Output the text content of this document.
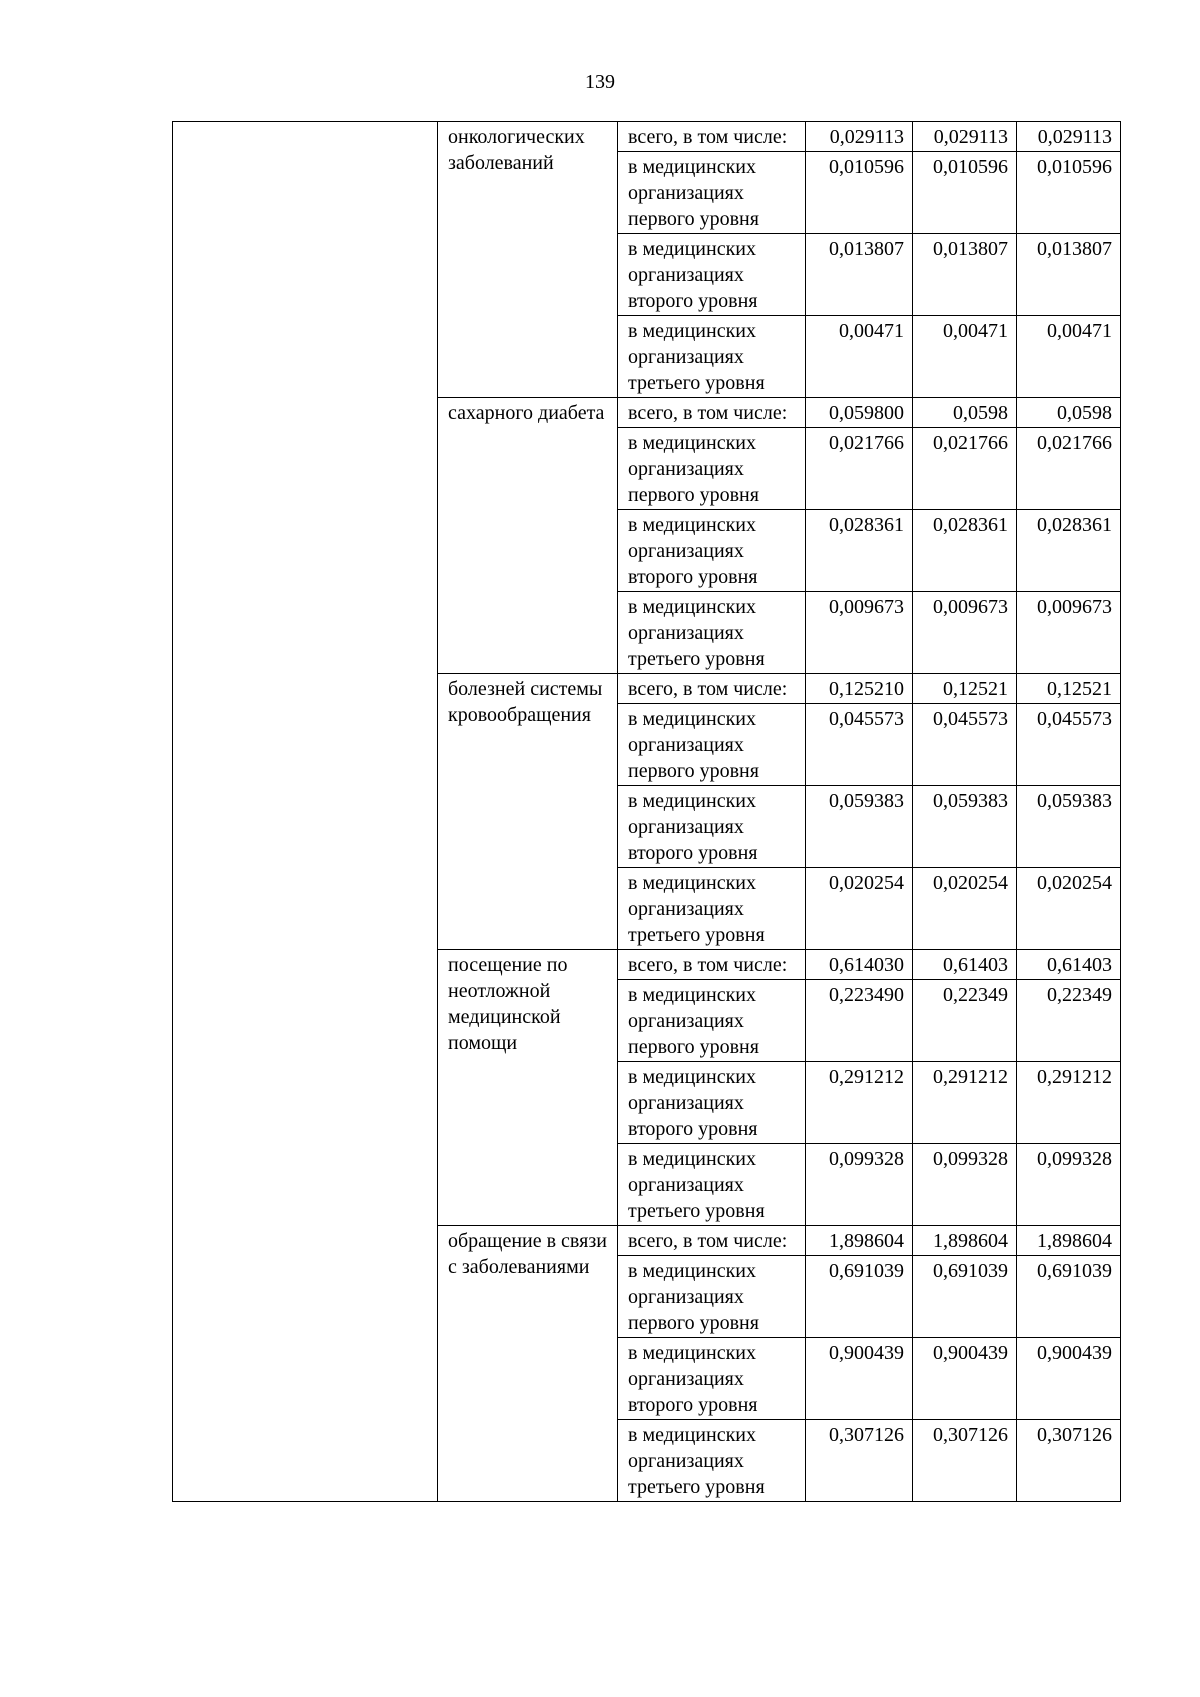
139
	онкологических заболеваний	всего, в том числе:	0,029113	0,029113	0,029113

		в медицинских организациях первого уровня	0,010596	0,010596	0,010596

		в медицинских организациях второго уровня	0,013807	0,013807	0,013807

		в медицинских организациях третьего уровня	0,00471	0,00471	0,00471

	сахарного диабета	всего, в том числе:	0,059800	0,0598	0,0598

		в медицинских организациях первого уровня	0,021766	0,021766	0,021766

		в медицинских организациях второго уровня	0,028361	0,028361	0,028361

		в медицинских организациях третьего уровня	0,009673	0,009673	0,009673

	болезней системы кровообращения	всего, в том числе:	0,125210	0,12521	0,12521

		в медицинских организациях первого уровня	0,045573	0,045573	0,045573

		в медицинских организациях второго уровня	0,059383	0,059383	0,059383

		в медицинских организациях третьего уровня	0,020254	0,020254	0,020254

	посещение по неотложной медицинской помощи	всего, в том числе:	0,614030	0,61403	0,61403

		в медицинских организациях первого уровня	0,223490	0,22349	0,22349

		в медицинских организациях второго уровня	0,291212	0,291212	0,291212

		в медицинских организациях третьего уровня	0,099328	0,099328	0,099328

	обращение в связи с заболеваниями	всего, в том числе:	1,898604	1,898604	1,898604

		в медицинских организациях первого уровня	0,691039	0,691039	0,691039

		в медицинских организациях второго уровня	0,900439	0,900439	0,900439

		в медицинских организациях третьего уровня	0,307126	0,307126	0,307126
